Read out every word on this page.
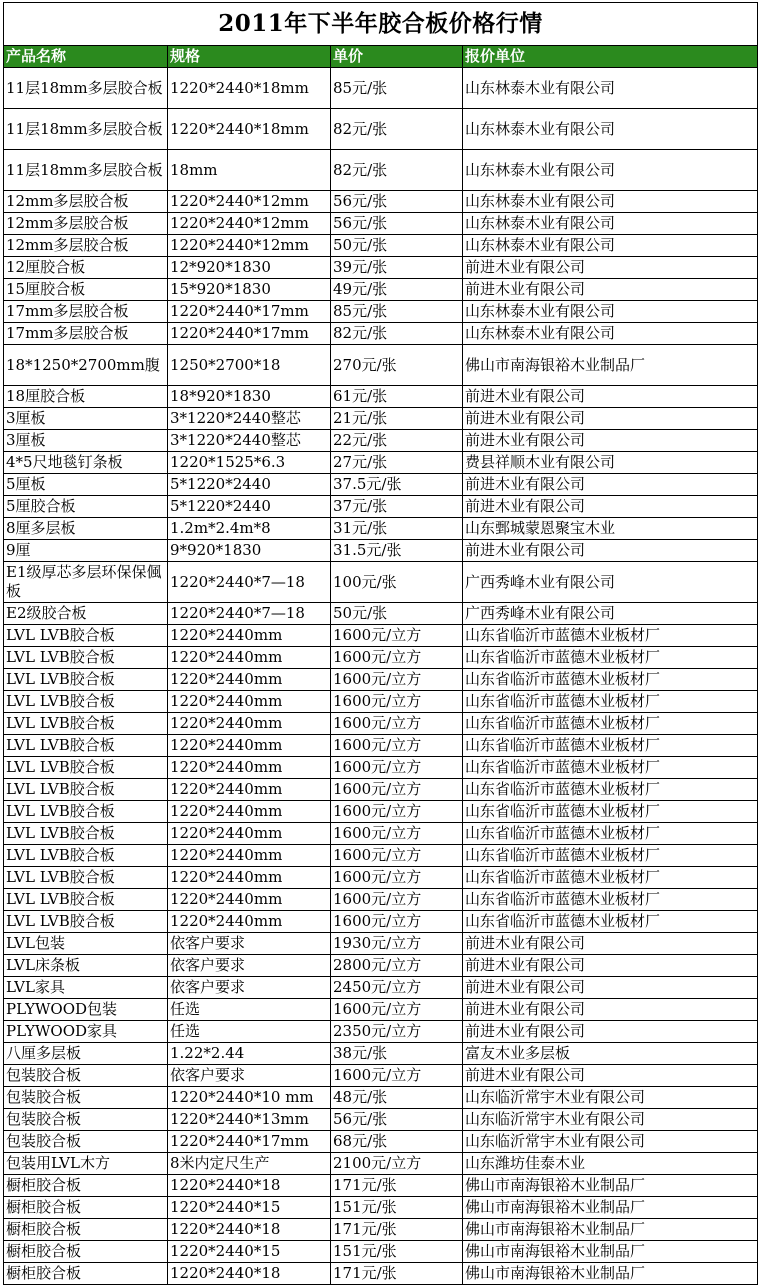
2011年下半年胶合板价格行情			
产品名称	规格	单价	报价单位
11层18mm多层胶合板	1220*2440*18mm	85元/张	山东林泰木业有限公司
11层18mm多层胶合板	1220*2440*18mm	82元/张	山东林泰木业有限公司
11层18mm多层胶合板	18mm	82元/张	山东林泰木业有限公司
12mm多层胶合板	1220*2440*12mm	56元/张	山东林泰木业有限公司
12mm多层胶合板	1220*2440*12mm	56元/张	山东林泰木业有限公司
12mm多层胶合板	1220*2440*12mm	50元/张	山东林泰木业有限公司
12厘胶合板	12*920*1830	39元/张	前进木业有限公司
15厘胶合板	15*920*1830	49元/张	前进木业有限公司
17mm多层胶合板	1220*2440*17mm	85元/张	山东林泰木业有限公司
17mm多层胶合板	1220*2440*17mm	82元/张	山东林泰木业有限公司
18*1250*2700mm腹	1250*2700*18	270元/张	佛山市南海银裕木业制品厂
18厘胶合板	18*920*1830	61元/张	前进木业有限公司
3厘板	3*1220*2440整芯	21元/张	前进木业有限公司
3厘板	3*1220*2440整芯	22元/张	前进木业有限公司
4*5尺地毯钉条板	1220*1525*6.3	27元/张	费县祥顺木业有限公司
5厘板	5*1220*2440	37.5元/张	前进木业有限公司
5厘胶合板	5*1220*2440	37元/张	前进木业有限公司
8厘多层板	1.2m*2.4m*8	31元/张	山东鄄城蒙恩聚宝木业
9厘	9*920*1830	31.5元/张	前进木业有限公司
E1级厚芯多层环保保偑板	1220*2440*7—18	100元/张	广西秀峰木业有限公司
E2级胶合板	1220*2440*7—18	50元/张	广西秀峰木业有限公司
LVL LVB胶合板	1220*2440mm	1600元/立方	山东省临沂市蓝德木业板材厂
LVL LVB胶合板	1220*2440mm	1600元/立方	山东省临沂市蓝德木业板材厂
LVL LVB胶合板	1220*2440mm	1600元/立方	山东省临沂市蓝德木业板材厂
LVL LVB胶合板	1220*2440mm	1600元/立方	山东省临沂市蓝德木业板材厂
LVL LVB胶合板	1220*2440mm	1600元/立方	山东省临沂市蓝德木业板材厂
LVL LVB胶合板	1220*2440mm	1600元/立方	山东省临沂市蓝德木业板材厂
LVL LVB胶合板	1220*2440mm	1600元/立方	山东省临沂市蓝德木业板材厂
LVL LVB胶合板	1220*2440mm	1600元/立方	山东省临沂市蓝德木业板材厂
LVL LVB胶合板	1220*2440mm	1600元/立方	山东省临沂市蓝德木业板材厂
LVL LVB胶合板	1220*2440mm	1600元/立方	山东省临沂市蓝德木业板材厂
LVL LVB胶合板	1220*2440mm	1600元/立方	山东省临沂市蓝德木业板材厂
LVL LVB胶合板	1220*2440mm	1600元/立方	山东省临沂市蓝德木业板材厂
LVL LVB胶合板	1220*2440mm	1600元/立方	山东省临沂市蓝德木业板材厂
LVL LVB胶合板	1220*2440mm	1600元/立方	山东省临沂市蓝德木业板材厂
LVL包装	依客户要求	1930元/立方	前进木业有限公司
LVL床条板	依客户要求	2800元/立方	前进木业有限公司
LVL家具	依客户要求	2450元/立方	前进木业有限公司
PLYWOOD包装	任选	1600元/立方	前进木业有限公司
PLYWOOD家具	任选	2350元/立方	前进木业有限公司
八厘多层板	1.22*2.44	38元/张	富友木业多层板
包装胶合板	依客户要求	1600元/立方	前进木业有限公司
包装胶合板	1220*2440*10 mm	48元/张	山东临沂常宇木业有限公司
包装胶合板	1220*2440*13mm	56元/张	山东临沂常宇木业有限公司
包装胶合板	1220*2440*17mm	68元/张	山东临沂常宇木业有限公司
包装用LVL木方	8米内定尺生产	2100元/立方	山东潍坊佳泰木业
橱柜胶合板	1220*2440*18	171元/张	佛山市南海银裕木业制品厂
橱柜胶合板	1220*2440*15	151元/张	佛山市南海银裕木业制品厂
橱柜胶合板	1220*2440*18	171元/张	佛山市南海银裕木业制品厂
橱柜胶合板	1220*2440*15	151元/张	佛山市南海银裕木业制品厂
橱柜胶合板	1220*2440*18	171元/张	佛山市南海银裕木业制品厂
